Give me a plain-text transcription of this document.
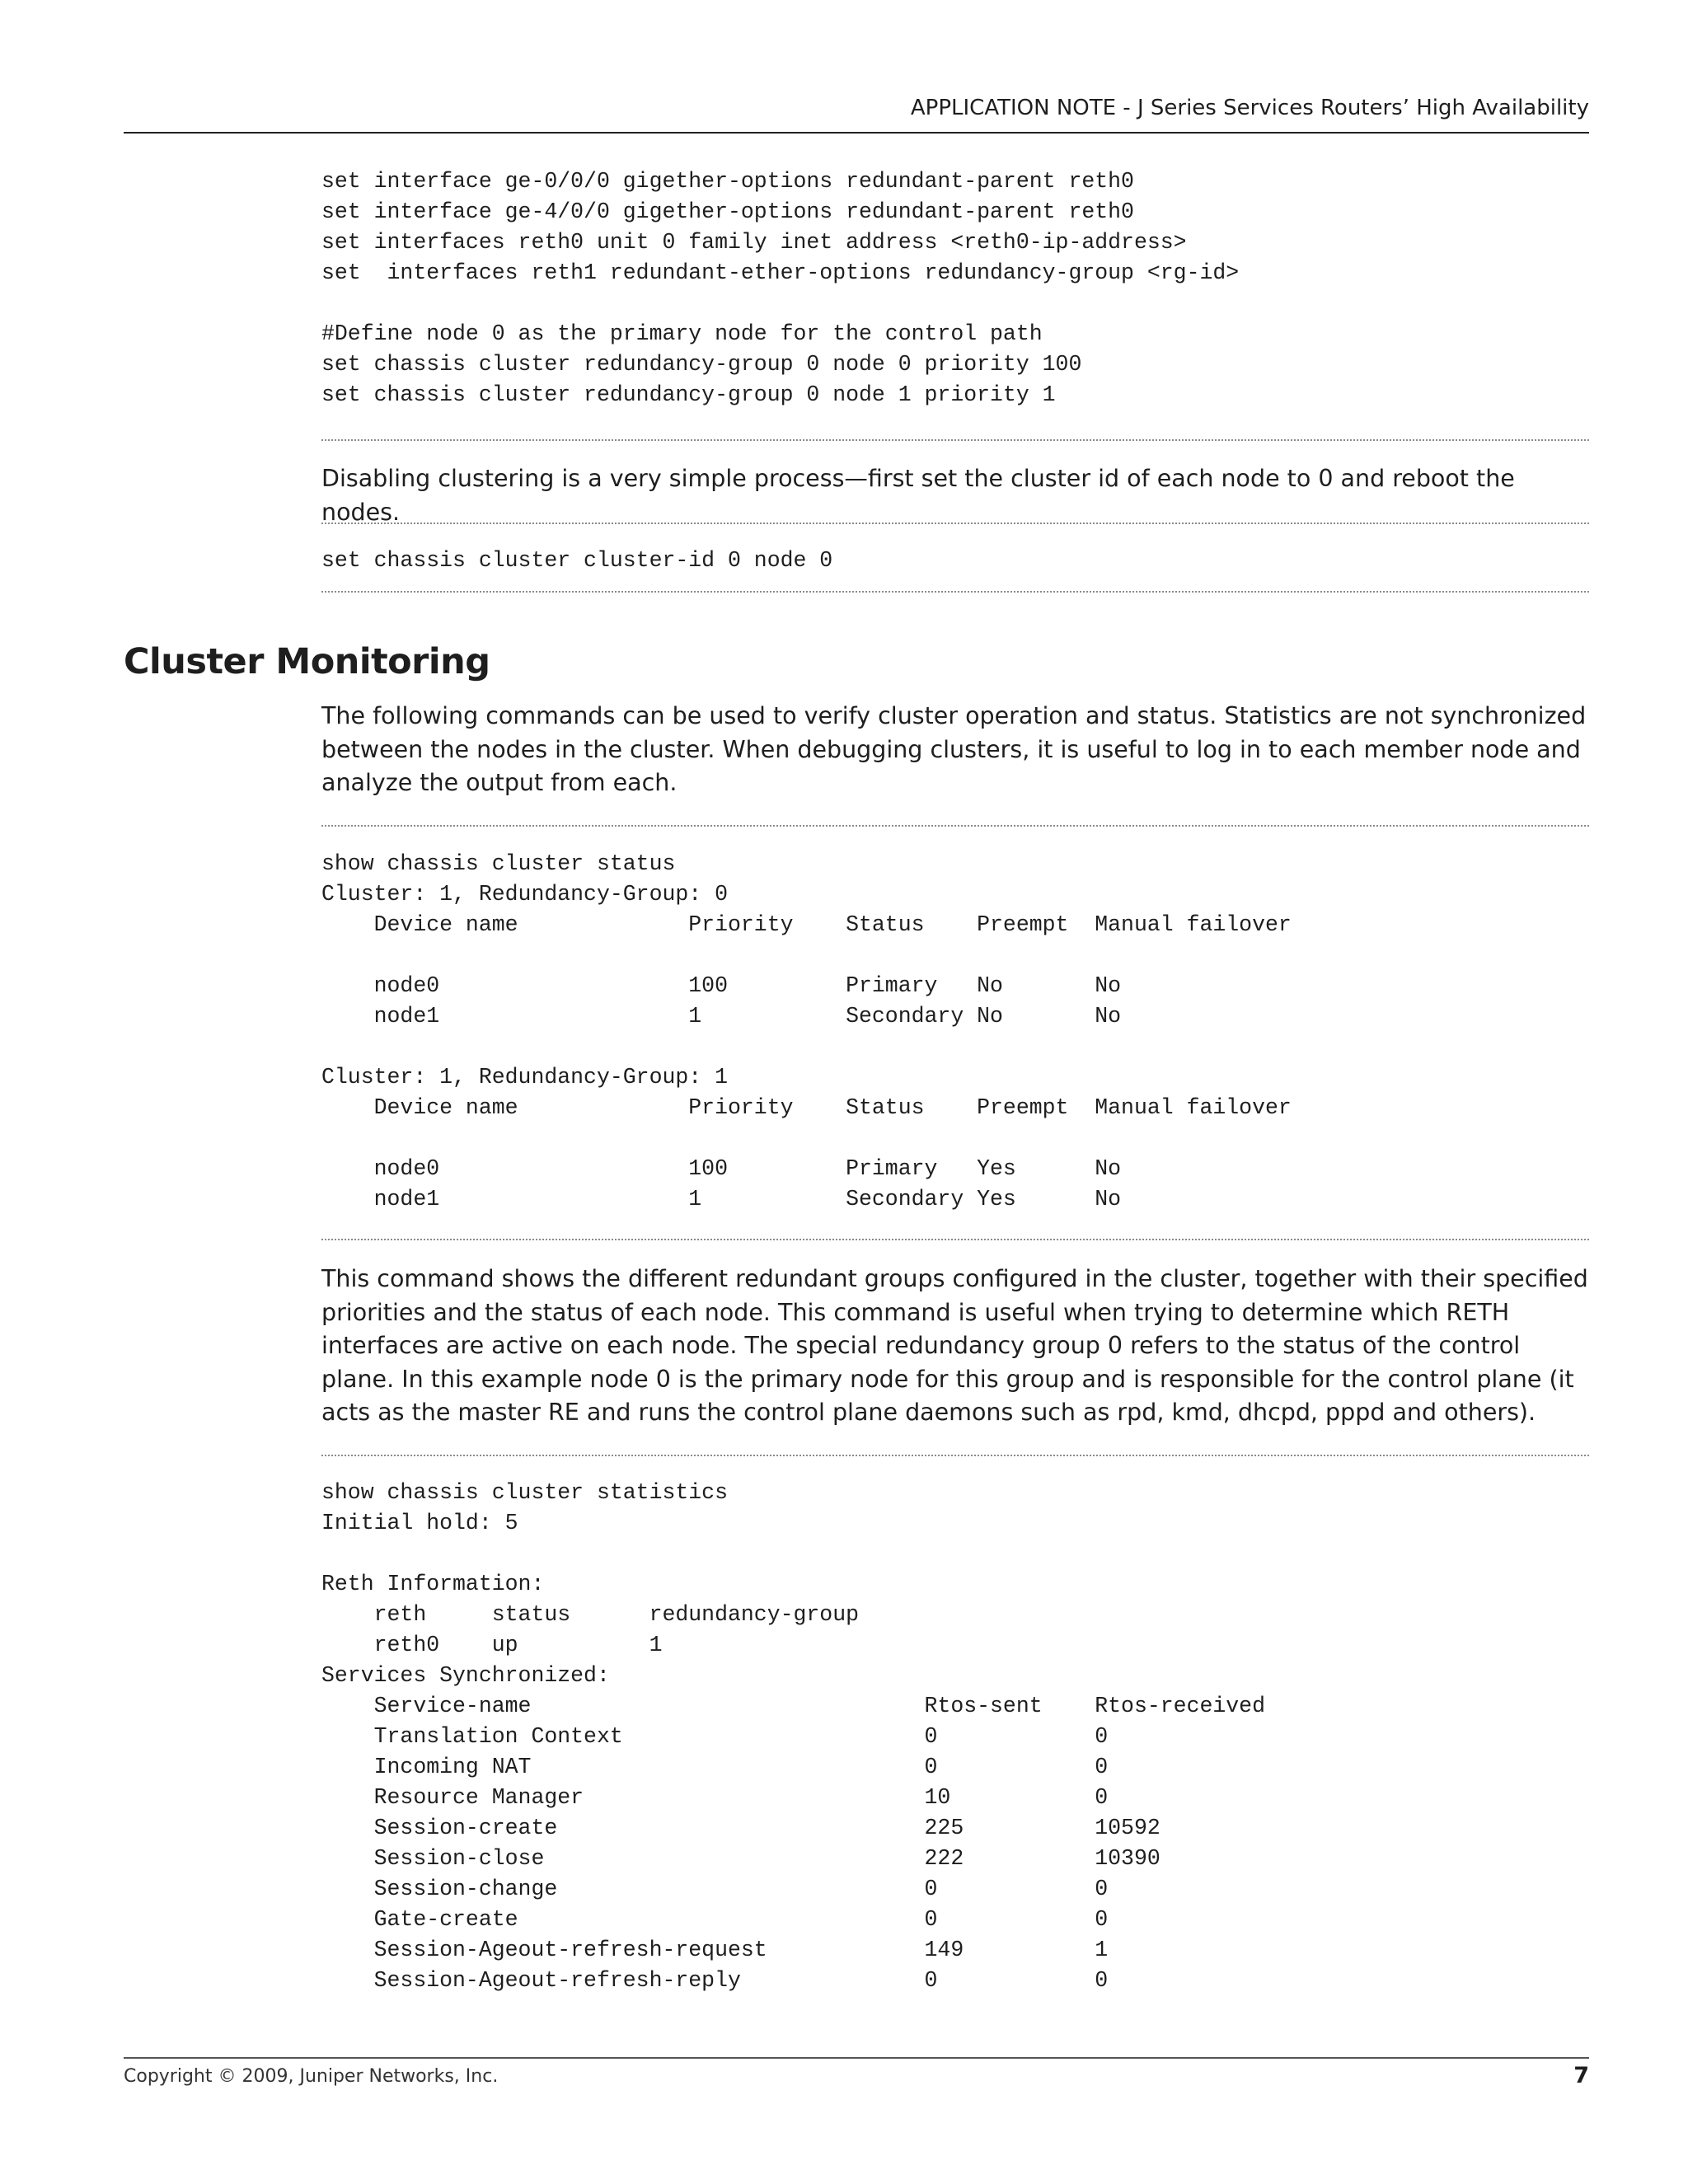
APPLICATION NOTE - J Series Services Routers’ High Availability
set interface ge-0/0/0 gigether-options redundant-parent reth0
set interface ge-4/0/0 gigether-options redundant-parent reth0
set interfaces reth0 unit 0 family inet address <reth0-ip-address>
set  interfaces reth1 redundant-ether-options redundancy-group <rg-id>

#Define node 0 as the primary node for the control path
set chassis cluster redundancy-group 0 node 0 priority 100
set chassis cluster redundancy-group 0 node 1 priority 1

Disabling clustering is a very simple process—first set the cluster id of each node to 0 and reboot the nodes.

set chassis cluster cluster-id 0 node 0

The following commands can be used to verify cluster operation and status. Statistics are not synchronized between the nodes in the cluster. When debugging clusters, it is useful to log in to each member node and analyze the output from each.

show chassis cluster status
Cluster: 1, Redundancy-Group: 0
Device name             Priority    Status    Preempt  Manual failover

node0                   100         Primary   No       No
node1                   1           Secondary No       No

Cluster: 1, Redundancy-Group: 1
Device name             Priority    Status    Preempt  Manual failover

node0                   100         Primary   Yes      No
node1                   1           Secondary Yes      No

This command shows the different redundant groups configured in the cluster, together with their specified priorities and the status of each node. This command is useful when trying to determine which RETH interfaces are active on each node. The special redundancy group 0 refers to the status of the control plane. In this example node 0 is the primary node for this group and is responsible for the control plane (it acts as the master RE and runs the control plane daemons such as rpd, kmd, dhcpd, pppd and others).

show chassis cluster statistics
Initial hold: 5

Reth Information:
reth     status      redundancy-group
reth0    up          1
Services Synchronized:
Service-name                              Rtos-sent    Rtos-received
Translation Context                       0            0
Incoming NAT                              0            0
Resource Manager                          10           0
Session-create                            225          10592
Session-close                             222          10390
Session-change                            0            0
Gate-create                               0            0
Session-Ageout-refresh-request            149          1
Session-Ageout-refresh-reply              0            0
Cluster Monitoring
Copyright © 2009, Juniper Networks, Inc.	7
